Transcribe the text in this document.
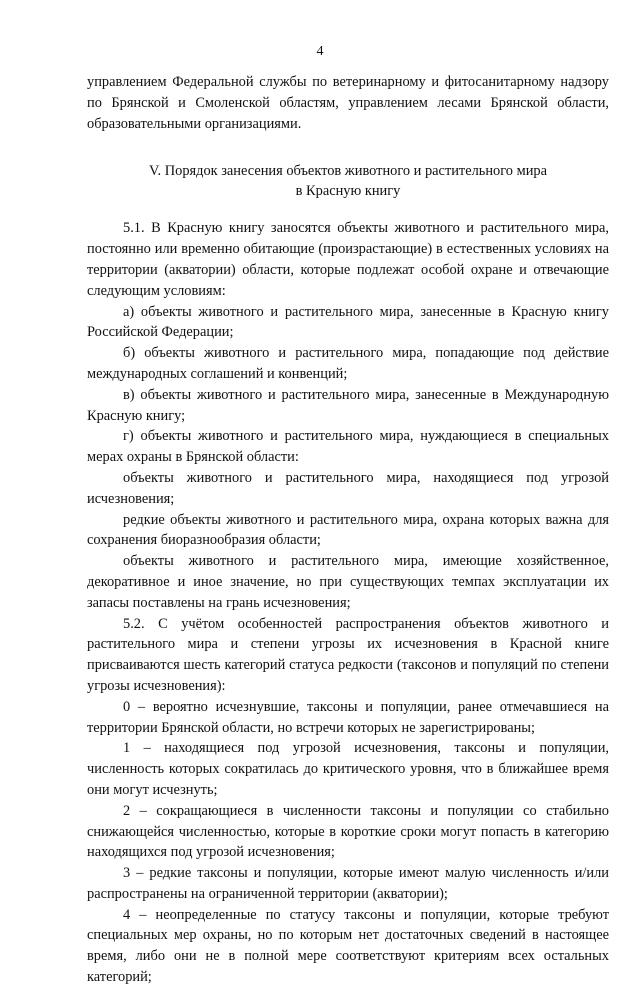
4

управлением Федеральной службы по ветеринарному и фитосанитарному надзору по Брянской и Смоленской областям, управлением лесами Брянской области, образовательными организациями.

V. Порядок занесения объектов животного и растительного мира
в Красную книгу

5.1. В Красную книгу заносятся объекты животного и растительного мира, постоянно или временно обитающие (произрастающие) в естественных условиях на территории (акватории) области, которые подлежат особой охране и отвечающие следующим условиям:

а) объекты животного и растительного мира, занесенные в Красную книгу Российской Федерации;

б) объекты животного и растительного мира, попадающие под действие международных соглашений и конвенций;

в) объекты животного и растительного мира, занесенные в Международную Красную книгу;

г) объекты животного и растительного мира, нуждающиеся в специальных мерах охраны в Брянской области:

объекты животного и растительного мира, находящиеся под угрозой исчезновения;

редкие объекты животного и растительного мира, охрана которых важна для сохранения биоразнообразия области;

объекты животного и растительного мира, имеющие хозяйственное, декоративное и иное значение, но при существующих темпах эксплуатации их запасы поставлены на грань исчезновения;

5.2. С учётом особенностей распространения объектов животного и растительного мира и степени угрозы их исчезновения в Красной книге присваиваются шесть категорий статуса редкости (таксонов и популяций по степени угрозы исчезновения):

0 – вероятно исчезнувшие, таксоны и популяции, ранее отмечавшиеся на территории Брянской области, но встречи которых не зарегистрированы;

1 – находящиеся под угрозой исчезновения, таксоны и популяции, численность которых сократилась до критического уровня, что в ближайшее время они могут исчезнуть;

2 – сокращающиеся в численности таксоны и популяции со стабильно снижающейся численностью, которые в короткие сроки могут попасть в категорию находящихся под угрозой исчезновения;

3 – редкие таксоны и популяции, которые имеют малую численность и/или распространены на ограниченной территории (акватории);

4 – неопределенные по статусу таксоны и популяции, которые требуют специальных мер охраны, но по которым нет достаточных сведений в настоящее время, либо они не в полной мере соответствуют критериям всех остальных категорий;
